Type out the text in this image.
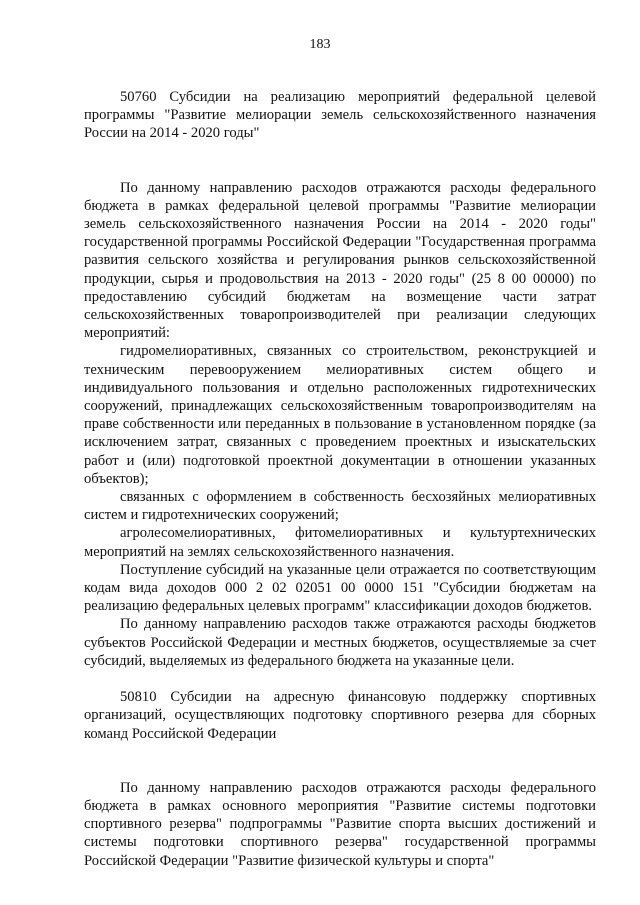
183

50760 Субсидии на реализацию мероприятий федеральной целевой программы "Развитие мелиорации земель сельскохозяйственного назначения России на 2014 - 2020 годы"

По данному направлению расходов отражаются расходы федерального бюджета в рамках федеральной целевой программы "Развитие мелиорации земель сельскохозяйственного назначения России на 2014 - 2020 годы" государственной программы Российской Федерации "Государственная программа развития сельского хозяйства и регулирования рынков сельскохозяйственной продукции, сырья и продовольствия на 2013 - 2020 годы" (25 8 00 00000) по предоставлению субсидий бюджетам на возмещение части затрат сельскохозяйственных товаропроизводителей при реализации следующих мероприятий:

гидромелиоративных, связанных со строительством, реконструкцией и техническим перевооружением мелиоративных систем общего и индивидуального пользования и отдельно расположенных гидротехнических сооружений, принадлежащих сельскохозяйственным товаропроизводителям на праве собственности или переданных в пользование в установленном порядке (за исключением затрат, связанных с проведением проектных и изыскательских работ и (или) подготовкой проектной документации в отношении указанных объектов);

связанных с оформлением в собственность бесхозяйных мелиоративных систем и гидротехнических сооружений;

агролесомелиоративных, фитомелиоративных и культуртехнических мероприятий на землях сельскохозяйственного назначения.

Поступление субсидий на указанные цели отражается по соответствующим кодам вида доходов 000 2 02 02051 00 0000 151 "Субсидии бюджетам на реализацию федеральных целевых программ" классификации доходов бюджетов.

По данному направлению расходов также отражаются расходы бюджетов субъектов Российской Федерации и местных бюджетов, осуществляемые за счет субсидий, выделяемых из федерального бюджета на указанные цели.

50810 Субсидии на адресную финансовую поддержку спортивных организаций, осуществляющих подготовку спортивного резерва для сборных команд Российской Федерации

По данному направлению расходов отражаются расходы федерального бюджета в рамках основного мероприятия "Развитие системы подготовки спортивного резерва" подпрограммы "Развитие спорта высших достижений и системы подготовки спортивного резерва" государственной программы Российской Федерации "Развитие физической культуры и спорта"
